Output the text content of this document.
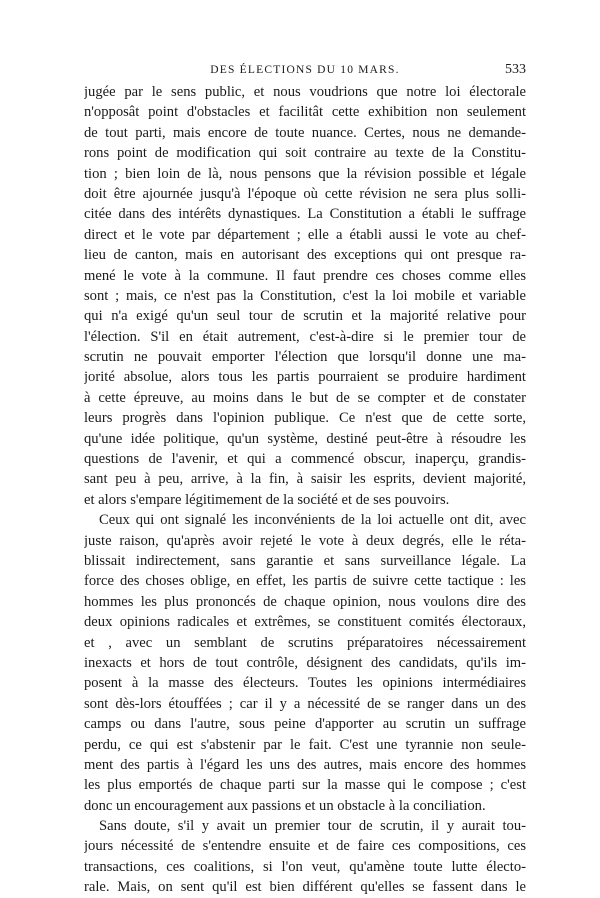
DES ÉLECTIONS DU 10 MARS.	533
jugée par le sens public, et nous voudrions que notre loi électorale
n'opposât point d'obstacles et facilitât cette exhibition non seulement
de tout parti, mais encore de toute nuance. Certes, nous ne demande-
rons point de modification qui soit contraire au texte de la Constitu-
tion ; bien loin de là, nous pensons que la révision possible et légale
doit être ajournée jusqu'à l'époque où cette révision ne sera plus solli-
citée dans des intérêts dynastiques. La Constitution a établi le suffrage
direct et le vote par département ; elle a établi aussi le vote au chef-
lieu de canton, mais en autorisant des exceptions qui ont presque ra-
mené le vote à la commune. Il faut prendre ces choses comme elles
sont ; mais, ce n'est pas la Constitution, c'est la loi mobile et variable
qui n'a exigé qu'un seul tour de scrutin et la majorité relative pour
l'élection. S'il en était autrement, c'est-à-dire si le premier tour de
scrutin ne pouvait emporter l'élection que lorsqu'il donne une ma-
jorité absolue, alors tous les partis pourraient se produire hardiment
à cette épreuve, au moins dans le but de se compter et de constater
leurs progrès dans l'opinion publique. Ce n'est que de cette sorte,
qu'une idée politique, qu'un système, destiné peut-être à résoudre les
questions de l'avenir, et qui a commencé obscur, inaperçu, grandis-
sant peu à peu, arrive, à la fin, à saisir les esprits, devient majorité,
et alors s'empare légitimement de la société et de ses pouvoirs.
Ceux qui ont signalé les inconvénients de la loi actuelle ont dit, avec
juste raison, qu'après avoir rejeté le vote à deux degrés, elle le réta-
blissait indirectement, sans garantie et sans surveillance légale. La
force des choses oblige, en effet, les partis de suivre cette tactique : les
hommes les plus prononcés de chaque opinion, nous voulons dire des
deux opinions radicales et extrêmes, se constituent comités électoraux,
et , avec un semblant de scrutins préparatoires nécessairement
inexacts et hors de tout contrôle, désignent des candidats, qu'ils im-
posent à la masse des électeurs. Toutes les opinions intermédiaires
sont dès-lors étouffées ; car il y a nécessité de se ranger dans un des
camps ou dans l'autre, sous peine d'apporter au scrutin un suffrage
perdu, ce qui est s'abstenir par le fait. C'est une tyrannie non seule-
ment des partis à l'égard les uns des autres, mais encore des hommes
les plus emportés de chaque parti sur la masse qui le compose ; c'est
donc un encouragement aux passions et un obstacle à la conciliation.
Sans doute, s'il y avait un premier tour de scrutin, il y aurait tou-
jours nécessité de s'entendre ensuite et de faire ces compositions, ces
transactions, ces coalitions, si l'on veut, qu'amène toute lutte électo-
rale. Mais, on sent qu'il est bien différent qu'elles se fassent dans le
